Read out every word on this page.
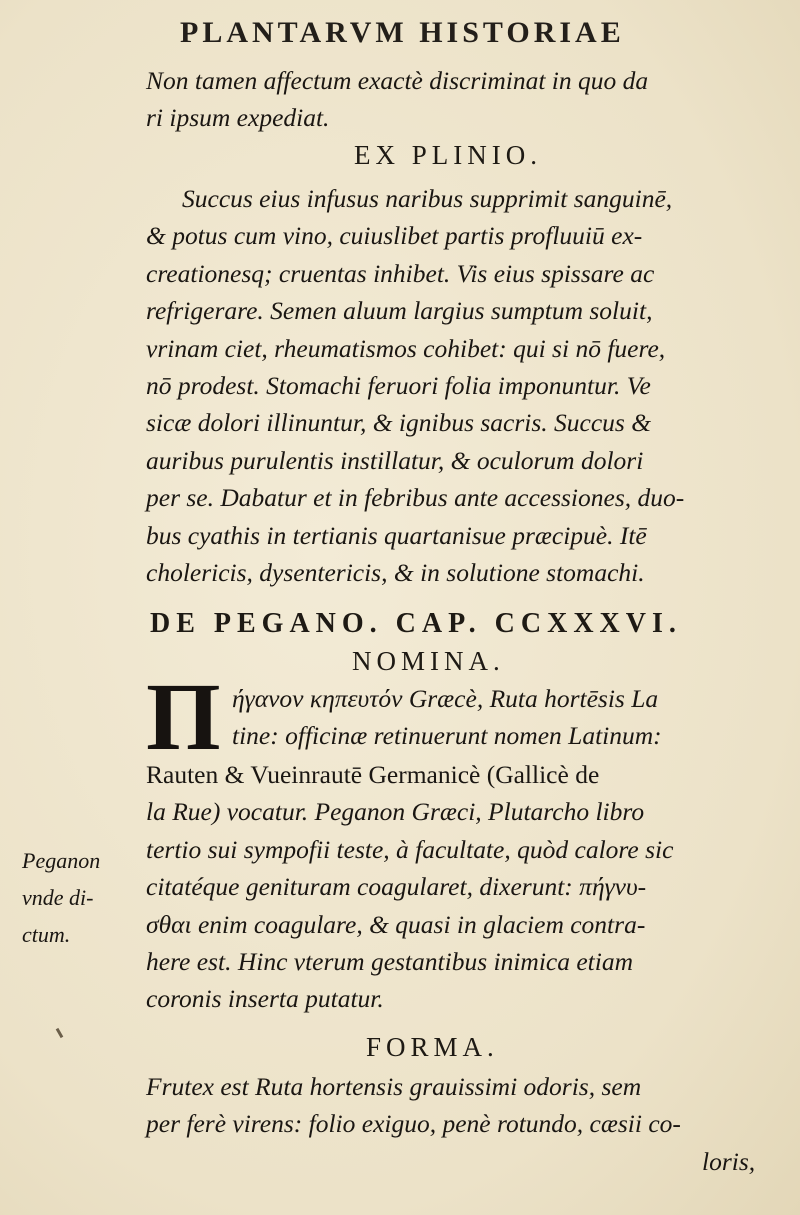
PLANTARVM HISTORIAE
Non tamen affectum exactè discriminat in quo da
ri ipsum expediat.
EX PLINIO.
Succus eius infusus naribus supprimit sanguinē,
& potus cum vino, cuiuslibet partis profluuiū ex-
creationesq; cruentas inhibet. Vis eius spissare ac
refrigerare. Semen aluum largius sumptum soluit,
vrinam ciet, rheumatismos cohibet: qui si nō fuere,
nō prodest. Stomachi feruori folia imponuntur. Ve
sicæ dolori illinuntur, & ignibus sacris. Succus &
auribus purulentis instillatur, & oculorum dolori
per se. Dabatur et in febribus ante accessiones, duo-
bus cyathis in tertianis quartanisue præcipuè. Itē
cholericis, dysentericis, & in solutione stomachi.
DE PEGANO. CAP. CCXXXVI.
NOMINA.
Π ήγανον κηπευτόν Græcè, Ruta hortēsis La
tine: officinæ retinuerunt nomen Latinum:
Rauten & Vueinrautē Germanicè (Gallicè de
la Rue) vocatur. Peganon Græci, Plutarcho libro
tertio sui sympofii teste, à facultate, quòd calore sic
citatéque genituram coagularet, dixerunt: πήγνυ-
σθαι enim coagulare, & quasi in glaciem contra-
here est. Hinc vterum gestantibus inimica etiam
coronis inserta putatur.
FORMA.
Frutex est Ruta hortensis grauissimi odoris, sem
per ferè virens: folio exiguo, penè rotundo, cæsii co-
loris,
Peganon
vnde di-
ctum.
